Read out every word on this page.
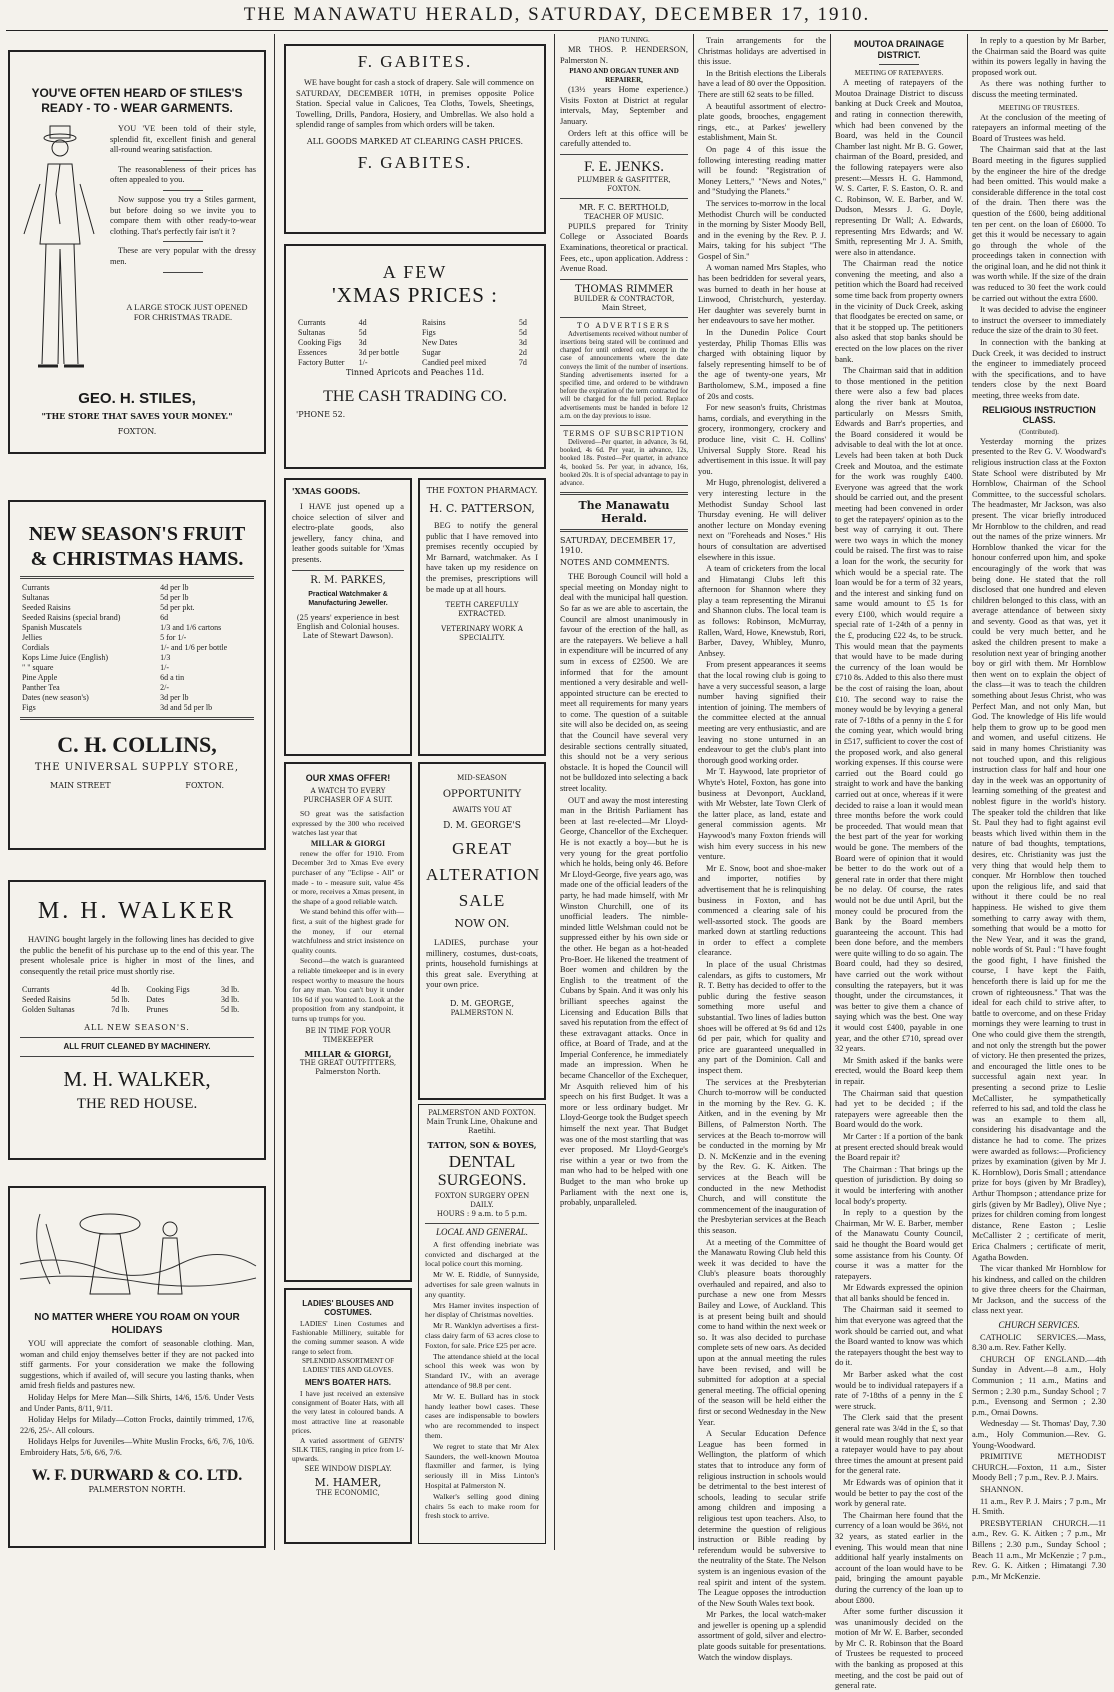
THE MANAWATU HERALD, SATURDAY, DECEMBER 17, 1910.
YOU'VE OFTEN HEARD OF STILES'S READY - TO - WEAR GARMENTS.

YOU 'VE been told of their style, splendid fit, excellent finish and general all-round wearing satisfaction.

The reasonableness of their prices has often appealed to you.

Now suppose you try a Stiles garment, but before doing so we invite you to compare them with other ready-to-wear clothing. That's perfectly fair isn't it ?

These are very popular with the dressy men.

A LARGE STOCK JUST OPENED FOR CHRISTMAS TRADE.

GEO. H. STILES,
"THE STORE THAT SAVES YOUR MONEY."
FOXTON.
NEW SEASON'S FRUIT & CHRISTMAS HAMS.
Currants	4d per lb
Sultanas	5d per lb
Seeded Raisins	5d per pkt.
Seeded Raisins (special brand)	6d
Spanish Muscatels	1/3 and 1/6 cartons
Jellies	5 for 1/-
Cordials	1/- and 1/6 per bottle
Kops Lime Juice (English)	1/3
" " square	1/-
Pine Apple	6d a tin
Panther Tea	2/-
Dates (new season's)	3d per lb
Figs	3d and 5d per lb
C. H. COLLINS,
THE UNIVERSAL SUPPLY STORE,
MAIN STREET	FOXTON.
M. H. WALKER

HAVING bought largely in the following lines has decided to give the public the benefit of his purchase up to the end of this year. The present wholesale price is higher in most of the lines, and consequently the retail price must shortly rise.

Currants	4d lb.	Cooking Figs	3d lb.
Seeded Raisins	5d lb.	Dates	3d lb.
Golden Sultanas	7d lb.	Prunes	5d lb.
ALL NEW SEASON'S.
ALL FRUIT CLEANED BY MACHINERY.
M. H. WALKER,
THE RED HOUSE.
NO MATTER WHERE YOU ROAM ON YOUR HOLIDAYS

YOU will appreciate the comfort of seasonable clothing. Man, woman and child enjoy themselves better if they are not packed into stiff garments. For your consideration we make the following suggestions, which if availed of, will secure you lasting thanks, when amid fresh fields and pastures new.

Holiday Helps for Mere Man—Silk Shirts, 14/6, 15/6. Under Vests and Under Pants, 8/11, 9/11.

Holiday Helps for Milady—Cotton Frocks, daintily trimmed, 17/6, 22/6, 25/-. All colours.

Holidays Helps for Juveniles—White Muslin Frocks, 6/6, 7/6, 10/6. Embroidery Hats, 5/6, 6/6, 7/6.

W. F. DURWARD & CO. LTD.
PALMERSTON NORTH.
F. GABITES.

WE have bought for cash a stock of drapery. Sale will commence on SATURDAY, DECEMBER 10TH, in premises opposite Police Station. Special value in Calicoes, Tea Cloths, Towels, Sheetings, Towelling, Drills, Pandora, Hosiery, and Umbrellas. We also hold a splendid range of samples from which orders will be taken.

ALL GOODS MARKED AT CLEARING CASH PRICES.
F. GABITES.
A FEW
'XMAS PRICES :
Currants	4d
Sultanas	5d
Cooking Figs	3d
Essences	3d per bottle
Factory Butter	1/-
Raisins	5d
Figs	5d
New Dates	3d
Sugar	2d
Candied peel mixed	7d
Tinned Apricots and Peaches 11d.
THE CASH TRADING CO.
'PHONE 52.
'XMAS GOODS.

I HAVE just opened up a choice selection of silver and electro-plate goods, also jewellery, fancy china, and leather goods suitable for 'Xmas presents.

R. M. PARKES,
Practical Watchmaker & Manufacturing Jeweller.
(25 years' experience in best English and Colonial houses. Late of Stewart Dawson).
THE FOXTON PHARMACY.
H. C. PATTERSON,

BEG to notify the general public that I have removed into premises recently occupied by Mr Barnard, watchmaker. As I have taken up my residence on the premises, prescriptions will be made up at all hours.

TEETH CAREFULLY EXTRACTED.
VETERINARY WORK A SPECIALITY.
OUR XMAS OFFER!
A WATCH TO EVERY PURCHASER OF A SUIT.

SO great was the satisfaction expressed by the 300 who received watches last year that

MILLAR & GIORGI

renew the offer for 1910. From December 3rd to Xmas Eve every purchaser of any "Eclipse - All" or made - to - measure suit, value 45s or more, receives a Xmas present, in the shape of a good reliable watch.

We stand behind this offer with—first, a suit of the highest grade for the money, if our eternal watchfulness and strict insistence on quality counts.

Second—the watch is guaranteed a reliable timekeeper and is in every respect worthy to measure the hours for any man. You can't buy it under 10s 6d if you wanted to. Look at the proposition from any standpoint, it turns up trumps for you.

BE IN TIME FOR YOUR TIMEKEEPER
MILLAR & GIORGI,
THE GREAT OUTFITTERS,
Palmerston North.
MID-SEASON
OPPORTUNITY
AWAITS YOU AT
D. M. GEORGE'S
GREAT
ALTERATION
SALE
NOW ON.

LADIES, purchase your millinery, costumes, dust-coats, prints, household furnishings at this great sale. Everything at your own price.

D. M. GEORGE,
PALMERSTON N.
PALMERSTON AND FOXTON.
Main Trunk Line, Ohakune and Raetihi.
TATTON, SON & BOYES,
DENTAL
SURGEONS.
FOXTON SURGERY OPEN DAILY.
HOURS : 9 a.m. to 5 p.m.
LOCAL AND GENERAL.

A first offending inebriate was convicted and discharged at the local police court this morning.

Mr W. E. Riddle, of Sunnyside, advertises for sale green walnuts in any quantity.

Mrs Hamer invites inspection of her display of Christmas novelties.

Mr R. Wanklyn advertises a first-class dairy farm of 63 acres close to Foxton, for sale. Price £25 per acre.

The attendance shield at the local school this week was won by Standard IV., with an average attendance of 98.8 per cent.

Mr W. E. Bullard has in stock handy leather bowl cases. These cases are indispensable to bowlers who are recommended to inspect them.

We regret to state that Mr Alex Saunders, the well-known Moutoa flaxmiller and farmer, is lying seriously ill in Miss Linton's Hospital at Palmerston N.

Walker's selling good dining chairs 5s each to make room for fresh stock to arrive.

LADIES' BLOUSES AND COSTUMES.

LADIES' Linen Costumes and Fashionable Millinery, suitable for the coming summer season. A wide range to select from.

SPLENDID ASSORTMENT OF LADIES' TIES AND GLOVES.
MEN'S BOATER HATS.

I have just received an extensive consignment of Boater Hats, with all the very latest in coloured bands. A most attractive line at reasonable prices.

A varied assortment of GENTS' SILK TIES, ranging in price from 1/- upwards.

SEE WINDOW DISPLAY.
M. HAMER,
THE ECONOMIC,
PIANO TUNING.

MR THOS. P. HENDERSON, Palmerston N.

PIANO AND ORGAN TUNER AND REPAIRER,

(13½ years Home experience.) Visits Foxton at District at regular intervals, May, September and January.

Orders left at this office will be carefully attended to.

F. E. JENKS.
PLUMBER & GASFITTER,
FOXTON.
MR. F. C. BERTHOLD,
TEACHER OF MUSIC.

PUPILS prepared for Trinity College or Associated Boards Examinations, theoretical or practical. Fees, etc., upon application. Address : Avenue Road.

THOMAS RIMMER
BUILDER & CONTRACTOR,
Main Street,
TO ADVERTISERS

Advertisements received without number of insertions being stated will be continued and charged for until ordered out, except in the case of announcements where the date conveys the limit of the number of insertions. Standing advertisements inserted for a specified time, and ordered to be withdrawn before the expiration of the term contracted for will be charged for the full period. Replace advertisements must be handed in before 12 a.m. on the day previous to issue.

TERMS OF SUBSCRIPTION

Delivered—Per quarter, in advance, 3s 6d, booked, 4s 6d. Per year, in advance, 12s, booked 18s. Posted—Per quarter, in advance 4s, booked 5s. Per year, in advance, 16s, booked 20s. It is of special advantage to pay in advance.

The Manawatu Herald.
SATURDAY, DECEMBER 17, 1910.
NOTES AND COMMENTS.

THE Borough Council will hold a special meeting on Monday night to deal with the municipal hall question. So far as we are able to ascertain, the Council are almost unanimously in favour of the erection of the hall, as are the ratepayers. We believe a hall in expenditure will be incurred of any sum in excess of £2500. We are informed that for the amount mentioned a very desirable and well-appointed structure can be erected to meet all requirements for many years to come. The question of a suitable site will also be decided on, as seeing that the Council have several very desirable sections centrally situated, this should not be a very serious obstacle. It is hoped the Council will not be bulldozed into selecting a back street locality.

OUT and away the most interesting man in the British Parliament has been at last re-elected—Mr Lloyd-George, Chancellor of the Exchequer. He is not exactly a boy—but he is very young for the great portfolio which he holds, being only 46. Before Mr Lloyd-George, five years ago, was made one of the official leaders of the party, he had made himself, with Mr Winston Churchill, one of its unofficial leaders. The nimble-minded little Welshman could not be suppressed either by his own side or the other. He began as a hot-headed Pro-Boer. He likened the treatment of Boer women and children by the English to the treatment of the Cubans by Spain. And it was only his brilliant speeches against the Licensing and Education Bills that saved his reputation from the effect of these extravagant attacks. Once in office, at Board of Trade, and at the Imperial Conference, he immediately made an impression. When he became Chancellor of the Exchequer, Mr Asquith relieved him of his speech on his first Budget. It was a more or less ordinary budget. Mr Lloyd-George took the Budget speech himself the next year. That Budget was one of the most startling that was ever proposed. Mr Lloyd-George's rise within a year or two from the man who had to be helped with one Budget to the man who broke up Parliament with the next one is, probably, unparalleled.

Train arrangements for the Christmas holidays are advertised in this issue.

In the British elections the Liberals have a lead of 80 over the Opposition. There are still 62 seats to be filled.

A beautiful assortment of electro-plate goods, brooches, engagement rings, etc., at Parkes' jewellery establishment, Main St.

On page 4 of this issue the following interesting reading matter will be found: "Registration of Money Letters," "News and Notes," and "Studying the Planets."

The services to-morrow in the local Methodist Church will be conducted in the morning by Sister Moody Bell, and in the evening by the Rev. P. J. Mairs, taking for his subject "The Gospel of Sin."

A woman named Mrs Staples, who has been bedridden for several years, was burned to death in her house at Linwood, Christchurch, yesterday. Her daughter was severely burnt in her endeavours to save her mother.

In the Dunedin Police Court yesterday, Philip Thomas Ellis was charged with obtaining liquor by falsely representing himself to be of the age of twenty-one years, Mr Bartholomew, S.M., imposed a fine of 20s and costs.

For new season's fruits, Christmas hams, cordials, and everything in the grocery, ironmongery, crockery and produce line, visit C. H. Collins' Universal Supply Store. Read his advertisement in this issue. It will pay you.

Mr Hugo, phrenologist, delivered a very interesting lecture in the Methodist Sunday School last Thursday evening. He will deliver another lecture on Monday evening next on "Foreheads and Noses." His hours of consultation are advertised elsewhere in this issue.

A team of cricketers from the local and Himatangi Clubs left this afternoon for Shannon where they play a team representing the Miranui and Shannon clubs. The local team is as follows: Robinson, McMurray, Rallen, Ward, Howe, Knewstub, Rori, Barber, Davey, Whibley, Munro, Anbsey.

From present appearances it seems that the local rowing club is going to have a very successful season, a large number having signified their intention of joining. The members of the committee elected at the annual meeting are very enthusiastic, and are leaving no stone unturned in an endeavour to get the club's plant into thorough good working order.

Mr T. Haywood, late proprietor of Whyte's Hotel, Foxton, has gone into business at Devonport, Auckland, with Mr Webster, late Town Clerk of the latter place, as land, estate and general commission agents. Mr Haywood's many Foxton friends will wish him every success in his new venture.

Mr E. Snow, boot and shoe-maker and importer, notifies by advertisement that he is relinquishing business in Foxton, and has commenced a clearing sale of his well-assorted stock. The goods are marked down at startling reductions in order to effect a complete clearance.

In place of the usual Christmas calendars, as gifts to customers, Mr R. T. Betty has decided to offer to the public during the festive season something more useful and substantial. Two lines of ladies button shoes will be offered at 9s 6d and 12s 6d per pair, which for quality and price are guaranteed unequalled in any part of the Dominion. Call and inspect them.

The services at the Presbyterian Church to-morrow will be conducted in the morning by the Rev. G. K. Aitken, and in the evening by Mr Billens, of Palmerston North. The services at the Beach to-morrow will be conducted in the morning by Mr D. N. McKenzie and in the evening by the Rev. G. K. Aitken. The services at the Beach will be conducted in the new Methodist Church, and will constitute the commencement of the inauguration of the Presbyterian services at the Beach this season.

At a meeting of the Committee of the Manawatu Rowing Club held this week it was decided to have the Club's pleasure boats thoroughly overhauled and repaired, and also to purchase a new one from Messrs Bailey and Lowe, of Auckland. This is at present being built and should come to hand within the next week or so. It was also decided to purchase complete sets of new oars. As decided upon at the annual meeting the rules have been revised, and will be submitted for adoption at a special general meeting. The official opening of the season will be held either the first or second Wednesday in the New Year.

A Secular Education Defence League has been formed in Wellington, the platform of which states that to introduce any form of religious instruction in schools would be detrimental to the best interest of schools, leading to secular strife among children and imposing a religious test upon teachers. Also, to determine the question of religious instruction or Bible reading by referendum would be subversive to the neutrality of the State. The Nelson system is an ingenious evasion of the real spirit and intent of the system. The League opposes the introduction of the New South Wales text book.

Mr Parkes, the local watch-maker and jeweller is opening up a splendid assortment of gold, silver and electro-plate goods suitable for presentations. Watch the window displays.

MOUTOA DRAINAGE DISTRICT.
MEETING OF RATEPAYERS.

A meeting of ratepayers of the Moutoa Drainage District to discuss banking at Duck Creek and Moutoa, and rating in connection therewith, which had been convened by the Board, was held in the Council Chamber last night. Mr B. G. Gower, chairman of the Board, presided, and the following ratepayers were also present:—Messrs H. G. Hammond, W. S. Carter, F. S. Easton, O. R. and C. Robinson, W. E. Barber, and W. Dudson, Messrs J. G. Doyle, representing Dr Wall; A. Edwards, representing Mrs Edwards; and W. Smith, representing Mr J. A. Smith, were also in attendance.

The Chairman read the notice convening the meeting, and also a petition which the Board had received some time back from property owners in the vicinity of Duck Creek, asking that floodgates be erected on same, or that it be stopped up. The petitioners also asked that stop banks should be erected on the low places on the river bank.

The Chairman said that in addition to those mentioned in the petition there were also a few bad places along the river bank at Moutoa, particularly on Messrs Smith, Edwards and Barr's properties, and the Board considered it would be advisable to deal with the lot at once. Levels had been taken at both Duck Creek and Moutoa, and the estimate for the work was roughly £400. Everyone was agreed that the work should be carried out, and the present meeting had been convened in order to get the ratepayers' opinion as to the best way of carrying it out. There were two ways in which the money could be raised. The first was to raise a loan for the work, the security for which would be a special rate. The loan would be for a term of 32 years, and the interest and sinking fund on same would amount to £5 1s for every £100, which would require a special rate of 1-24th of a penny in the £, producing £22 4s, to be struck. This would mean that the payments that would have to be made during the currency of the loan would be £710 8s. Added to this also there must be the cost of raising the loan, about £10. The second way to raise the money would be by levying a general rate of 7-18ths of a penny in the £ for the coming year, which would bring in £517, sufficient to cover the cost of the proposed work, and also general working expenses. If this course were carried out the Board could go straight to work and have the banking carried out at once, whereas if it were decided to raise a loan it would mean three months before the work could be proceeded. That would mean that the best part of the year for working would be gone. The members of the Board were of opinion that it would be better to do the work out of a general rate in order that there might be no delay. Of course, the rates would not be due until April, but the money could be procured from the Bank by the Board members guaranteeing the account. This had been done before, and the members were quite willing to do so again. The Board could, had they so desired, have carried out the work without consulting the ratepayers, but it was thought, under the circumstances, it was better to give them a chance of saying which was the best. One way it would cost £400, payable in one year, and the other £710, spread over 32 years.

Mr Smith asked if the banks were erected, would the Board keep them in repair.

The Chairman said that question had yet to be decided ; if the ratepayers were agreeable then the Board would do the work.

Mr Carter : If a portion of the bank at present erected should break would the Board repair it?

The Chairman : That brings up the question of jurisdiction. By doing so it would be interfering with another local body's property.

In reply to a question by the Chairman, Mr W. E. Barber, member of the Manawatu County Council, said he thought the Board would get some assistance from his County. Of course it was a matter for the ratepayers.

Mr Edwards expressed the opinion that all banks should be fenced in.

The Chairman said it seemed to him that everyone was agreed that the work should be carried out, and what the Board wanted to know was which the ratepayers thought the best way to do it.

Mr Barber asked what the cost would be to individual ratepayers if a rate of 7-18ths of a penny in the £ were struck.

The Clerk said that the present general rate was 3/4d in the £, so that it would mean roughly that next year a ratepayer would have to pay about three times the amount at present paid for the general rate.

Mr Edwards was of opinion that it would be better to pay the cost of the work by general rate.

The Chairman here found that the currency of a loan would be 36½, not 32 years, as stated earlier in the evening. This would mean that nine additional half yearly instalments on account of the loan would have to be paid, bringing the amount payable during the currency of the loan up to about £800.

After some further discussion it was unanimously decided on the motion of Mr W. E. Barber, seconded by Mr C. R. Robinson that the Board of Trustees be requested to proceed with the banking as proposed at this meeting, and the cost be paid out of general rate.

In reply to a question by Mr Barber, the Chairman said the Board was quite within its powers legally in having the proposed work out.

As there was nothing further to discuss the meeting terminated.

MEETING OF TRUSTEES.

At the conclusion of the meeting of ratepayers an informal meeting of the Board of Trustees was held.

The Chairman said that at the last Board meeting in the figures supplied by the engineer the hire of the dredge had been omitted. This would make a considerable difference in the total cost of the drain. Then there was the question of the £600, being additional ten per cent. on the loan of £6000. To get this it would be necessary to again go through the whole of the proceedings taken in connection with the original loan, and he did not think it was worth while. If the size of the drain was reduced to 30 feet the work could be carried out without the extra £600.

It was decided to advise the engineer to instruct the overseer to immediately reduce the size of the drain to 30 feet.

In connection with the banking at Duck Creek, it was decided to instruct the engineer to immediately proceed with the specifications, and to have tenders close by the next Board meeting, three weeks from date.

RELIGIOUS INSTRUCTION CLASS.
(Contributed).

Yesterday morning the prizes presented to the Rev G. V. Woodward's religious instruction class at the Foxton State School were distributed by Mr Hornblow, Chairman of the School Committee, to the successful scholars. The headmaster, Mr Jackson, was also present. The vicar briefly introduced Mr Hornblow to the children, and read out the names of the prize winners. Mr Hornblow thanked the vicar for the honour conferred upon him, and spoke encouragingly of the work that was being done. He stated that the roll disclosed that one hundred and eleven children belonged to this class, with an average attendance of between sixty and seventy. Good as that was, yet it could be very much better, and he asked the children present to make a resolution next year of bringing another boy or girl with them. Mr Hornblow then went on to explain the object of the class—it was to teach the children something about Jesus Christ, who was Perfect Man, and not only Man, but God. The knowledge of His life would help them to grow up to be good men and women, and useful citizens. He said in many homes Christianity was not touched upon, and this religious instruction class for half and hour one day in the week was an opportunity of learning something of the greatest and noblest figure in the world's history. The speaker told the children that like St. Paul they had to fight against evil beasts which lived within them in the nature of bad thoughts, temptations, desires, etc. Christianity was just the very thing that would help them to conquer. Mr Hornblow then touched upon the religious life, and said that without it there could be no real happiness. He wished to give them something to carry away with them, something that would be a motto for the New Year, and it was the grand, noble words of St. Paul : "I have fought the good fight, I have finished the course, I have kept the Faith, henceforth there is laid up for me the crown of righteousness." That was the ideal for each child to strive after, to battle to overcome, and on these Friday mornings they were learning to trust in One who could give them the strength, and not only the strength but the power of victory. He then presented the prizes, and encouraged the little ones to be successful again next year. In presenting a second prize to Leslie McCallister, he sympathetically referred to his sad, and told the class he was an example to them all, considering his disadvantage and the distance he had to come. The prizes were awarded as follows:—Proficiency prizes by examination (given by Mr J. K. Hornblow), Doris Small ; attendance prize for boys (given by Mr Bradley), Arthur Thompson ; attendance prize for girls (given by Mr Badley), Olive Nye ; prizes for children coming from longest distance, Rene Easton ; Leslie McCallister 2 ; certificate of merit, Erica Chalmers ; certificate of merit, Agatha Bowden.

The vicar thanked Mr Hornblow for his kindness, and called on the children to give three cheers for the Chairman, Mr Jackson, and the success of the class next year.

CHURCH SERVICES.

CATHOLIC SERVICES.—Mass, 8.30 a.m. Rev. Father Kelly.

CHURCH OF ENGLAND.—4th Sunday in Advent.—8 a.m., Holy Communion ; 11 a.m., Matins and Sermon ; 2.30 p.m., Sunday School ; 7 p.m., Evensong and Sermon ; 2.30 p.m., Ornai Downs.

Wednesday — St. Thomas' Day, 7.30 a.m., Holy Communion.—Rev. G. Young-Woodward.

PRIMITIVE METHODIST CHURCH.—Foxton, 11 a.m., Sister Moody Bell ; 7 p.m., Rev. P. J. Mairs.

SHANNON.

11 a.m., Rev P. J. Mairs ; 7 p.m., Mr H. Smith.

PRESBYTERIAN CHURCH.—11 a.m., Rev. G. K. Aitken ; 7 p.m., Mr Billens ; 2.30 p.m., Sunday School ; Beach 11 a.m., Mr McKenzie ; 7 p.m., Rev. G. K. Aitken ; Himatangi 7.30 p.m., Mr McKenzie.
